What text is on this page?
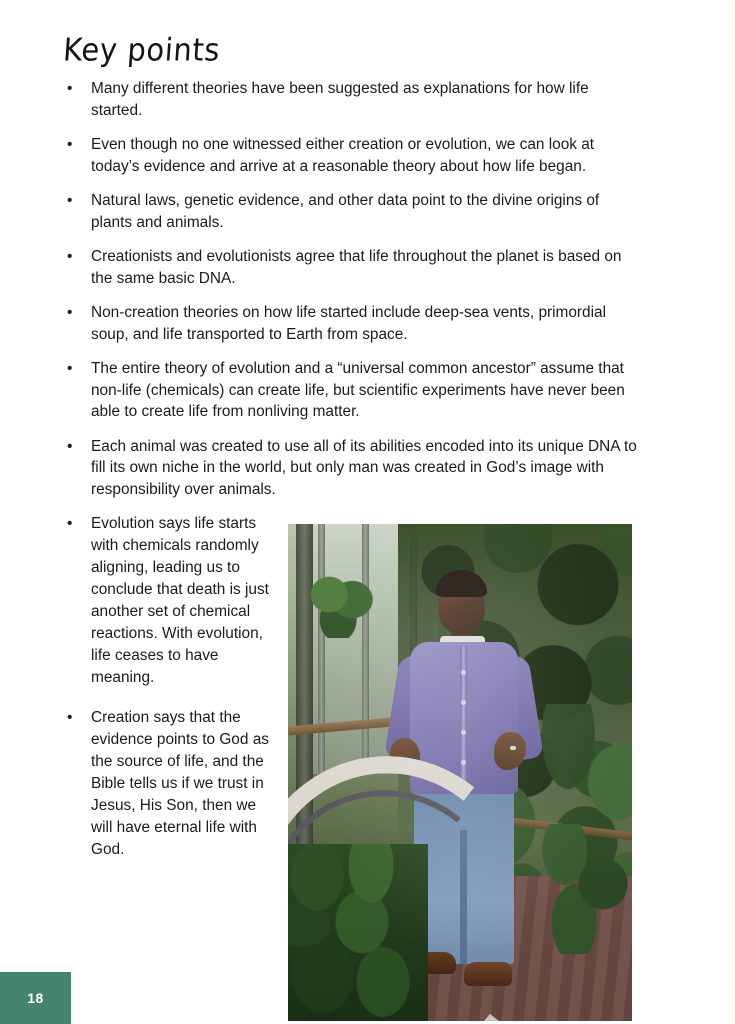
Key points
• Many different theories have been suggested as explanations for how life started.
• Even though no one witnessed either creation or evolution, we can look at today’s evidence and arrive at a reasonable theory about how life began.
• Natural laws, genetic evidence, and other data point to the divine origins of plants and animals.
• Creationists and evolutionists agree that life throughout the planet is based on the same basic DNA.
• Non-creation theories on how life started include deep-sea vents, primordial soup, and life transported to Earth from space.
• The entire theory of evolution and a “universal common ancestor” assume that non-life (chemicals) can create life, but scientific experiments have never been able to create life from nonliving matter.
• Each animal was created to use all of its abilities encoded into its unique DNA to fill its own niche in the world, but only man was created in God’s image with responsibility over animals.
• Evolution says life starts with chemicals randomly aligning, leading us to conclude that death is just another set of chemical reactions. With evolution, life ceases to have meaning.
• Creation says that the evidence points to God as the source of life, and the Bible tells us if we trust in Jesus, His Son, then we will have eternal life with God.
18
